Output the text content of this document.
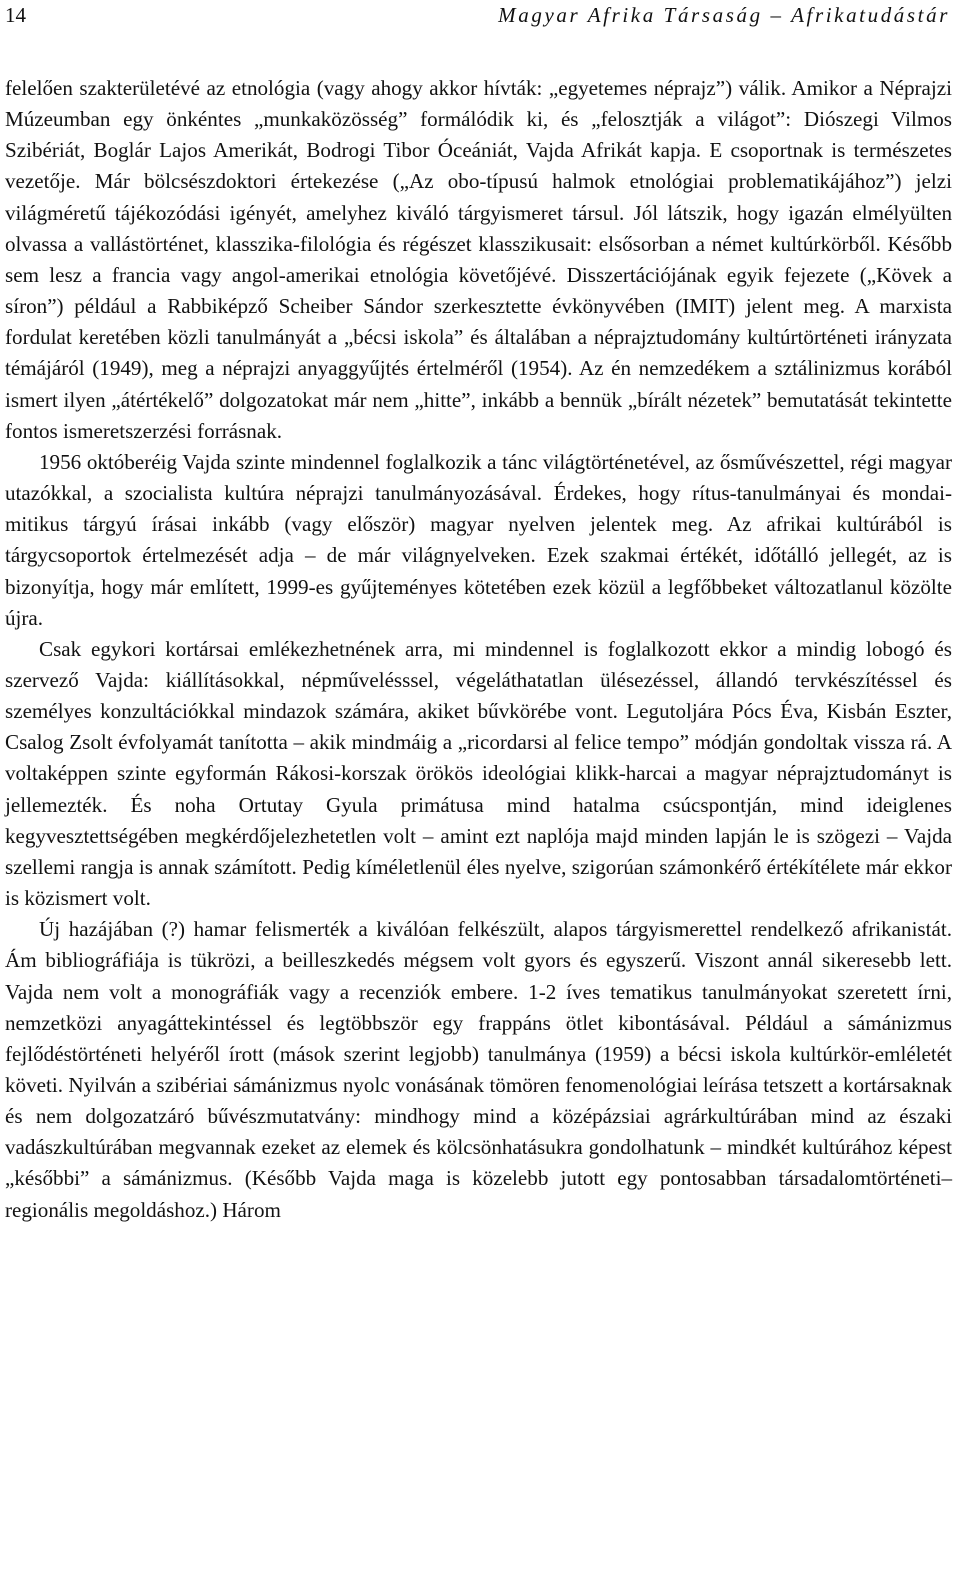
14	Magyar Afrika Társaság – Afrikatudástár

felelően szakterületévé az etnológia (vagy ahogy akkor hívták: „egyetemes néprajz”) válik. Amikor a Néprajzi Múzeumban egy önkéntes „munkaközösség” formálódik ki, és „felosztják a világot”: Diószegi Vilmos Szibériát, Boglár Lajos Amerikát, Bodrogi Tibor Óceániát, Vajda Afrikát kapja. E csoportnak is természetes vezetője. Már bölcsészdoktori értekezése („Az obo-típusú halmok etnológiai problematikájához”) jelzi világméretű tájékozódási igényét, amelyhez kiváló tárgyismeret társul. Jól látszik, hogy igazán elmélyülten olvassa a vallástörténet, klasszika-filológia és régészet klasszikusait: elsősorban a német kultúrkörből. Később sem lesz a francia vagy angol-amerikai etnológia követőjévé. Disszertációjának egyik fejezete („Kövek a síron”) például a Rabbiképző Scheiber Sándor szerkesztette évkönyvében (IMIT) jelent meg. A marxista fordulat keretében közli tanulmányát a „bécsi iskola” és általában a néprajztudomány kultúrtörténeti irányzata témájáról (1949), meg a néprajzi anyaggyűjtés értelméről (1954). Az én nemzedékem a sztálinizmus korából ismert ilyen „átértékelő” dolgozatokat már nem „hitte”, inkább a bennük „bírált nézetek” bemutatását tekintette fontos ismeretszerzési forrásnak.

1956 októberéig Vajda szinte mindennel foglalkozik a tánc világtörténetével, az ősművészettel, régi magyar utazókkal, a szocialista kultúra néprajzi tanulmányozásával. Érdekes, hogy rítus-tanulmányai és mondai-mitikus tárgyú írásai inkább (vagy először) magyar nyelven jelentek meg. Az afrikai kultúrából is tárgycsoportok értelmezését adja – de már világnyelveken. Ezek szakmai értékét, időtálló jellegét, az is bizonyítja, hogy már említett, 1999-es gyűjteményes kötetében ezek közül a legfőbbeket változatlanul közölte újra.

Csak egykori kortársai emlékezhetnének arra, mi mindennel is foglalkozott ekkor a mindig lobogó és szervező Vajda: kiállításokkal, népművelésssel, végeláthatatlan ülésezéssel, állandó tervkészítéssel és személyes konzultációkkal mindazok számára, akiket bűvkörébe vont. Legutoljára Pócs Éva, Kisbán Eszter, Csalog Zsolt évfolyamát tanította – akik mindmáig a „ricordarsi al felice tempo” módján gondoltak vissza rá. A voltaképpen szinte egyformán Rákosi-korszak örökös ideológiai klikk-harcai a magyar néprajztudományt is jellemezték. És noha Ortutay Gyula primátusa mind hatalma csúcspontján, mind ideiglenes kegyvesztettségében megkérdőjelezhetetlen volt – amint ezt naplója majd minden lapján le is szögezi – Vajda szellemi rangja is annak számított. Pedig kíméletlenül éles nyelve, szigorúan számonkérő értékítélete már ekkor is közismert volt.

Új hazájában (?) hamar felismerték a kiválóan felkészült, alapos tárgyismerettel rendelkező afrikanistát. Ám bibliográfiája is tükrözi, a beilleszkedés mégsem volt gyors és egyszerű. Viszont annál sikeresebb lett. Vajda nem volt a monográfiák vagy a recenziók embere. 1-2 íves tematikus tanulmányokat szeretett írni, nemzetközi anyagáttekintéssel és legtöbbször egy frappáns ötlet kibontásával. Például a sámánizmus fejlődéstörténeti helyéről írott (mások szerint legjobb) tanulmánya (1959) a bécsi iskola kultúrkör-emléletét követi. Nyilván a szibériai sámánizmus nyolc vonásának tömören fenomenológiai leírása tetszett a kortársaknak és nem dolgozatzáró bűvészmutatvány: mindhogy mind a középázsiai agrárkultúrában mind az északi vadászkultúrában megvannak ezeket az elemek és kölcsönhatásukra gondolhatunk – mindkét kultúrához képest „későbbi” a sámánizmus. (Később Vajda maga is közelebb jutott egy pontosabban társadalomtörténeti–regionális megoldáshoz.) Három
